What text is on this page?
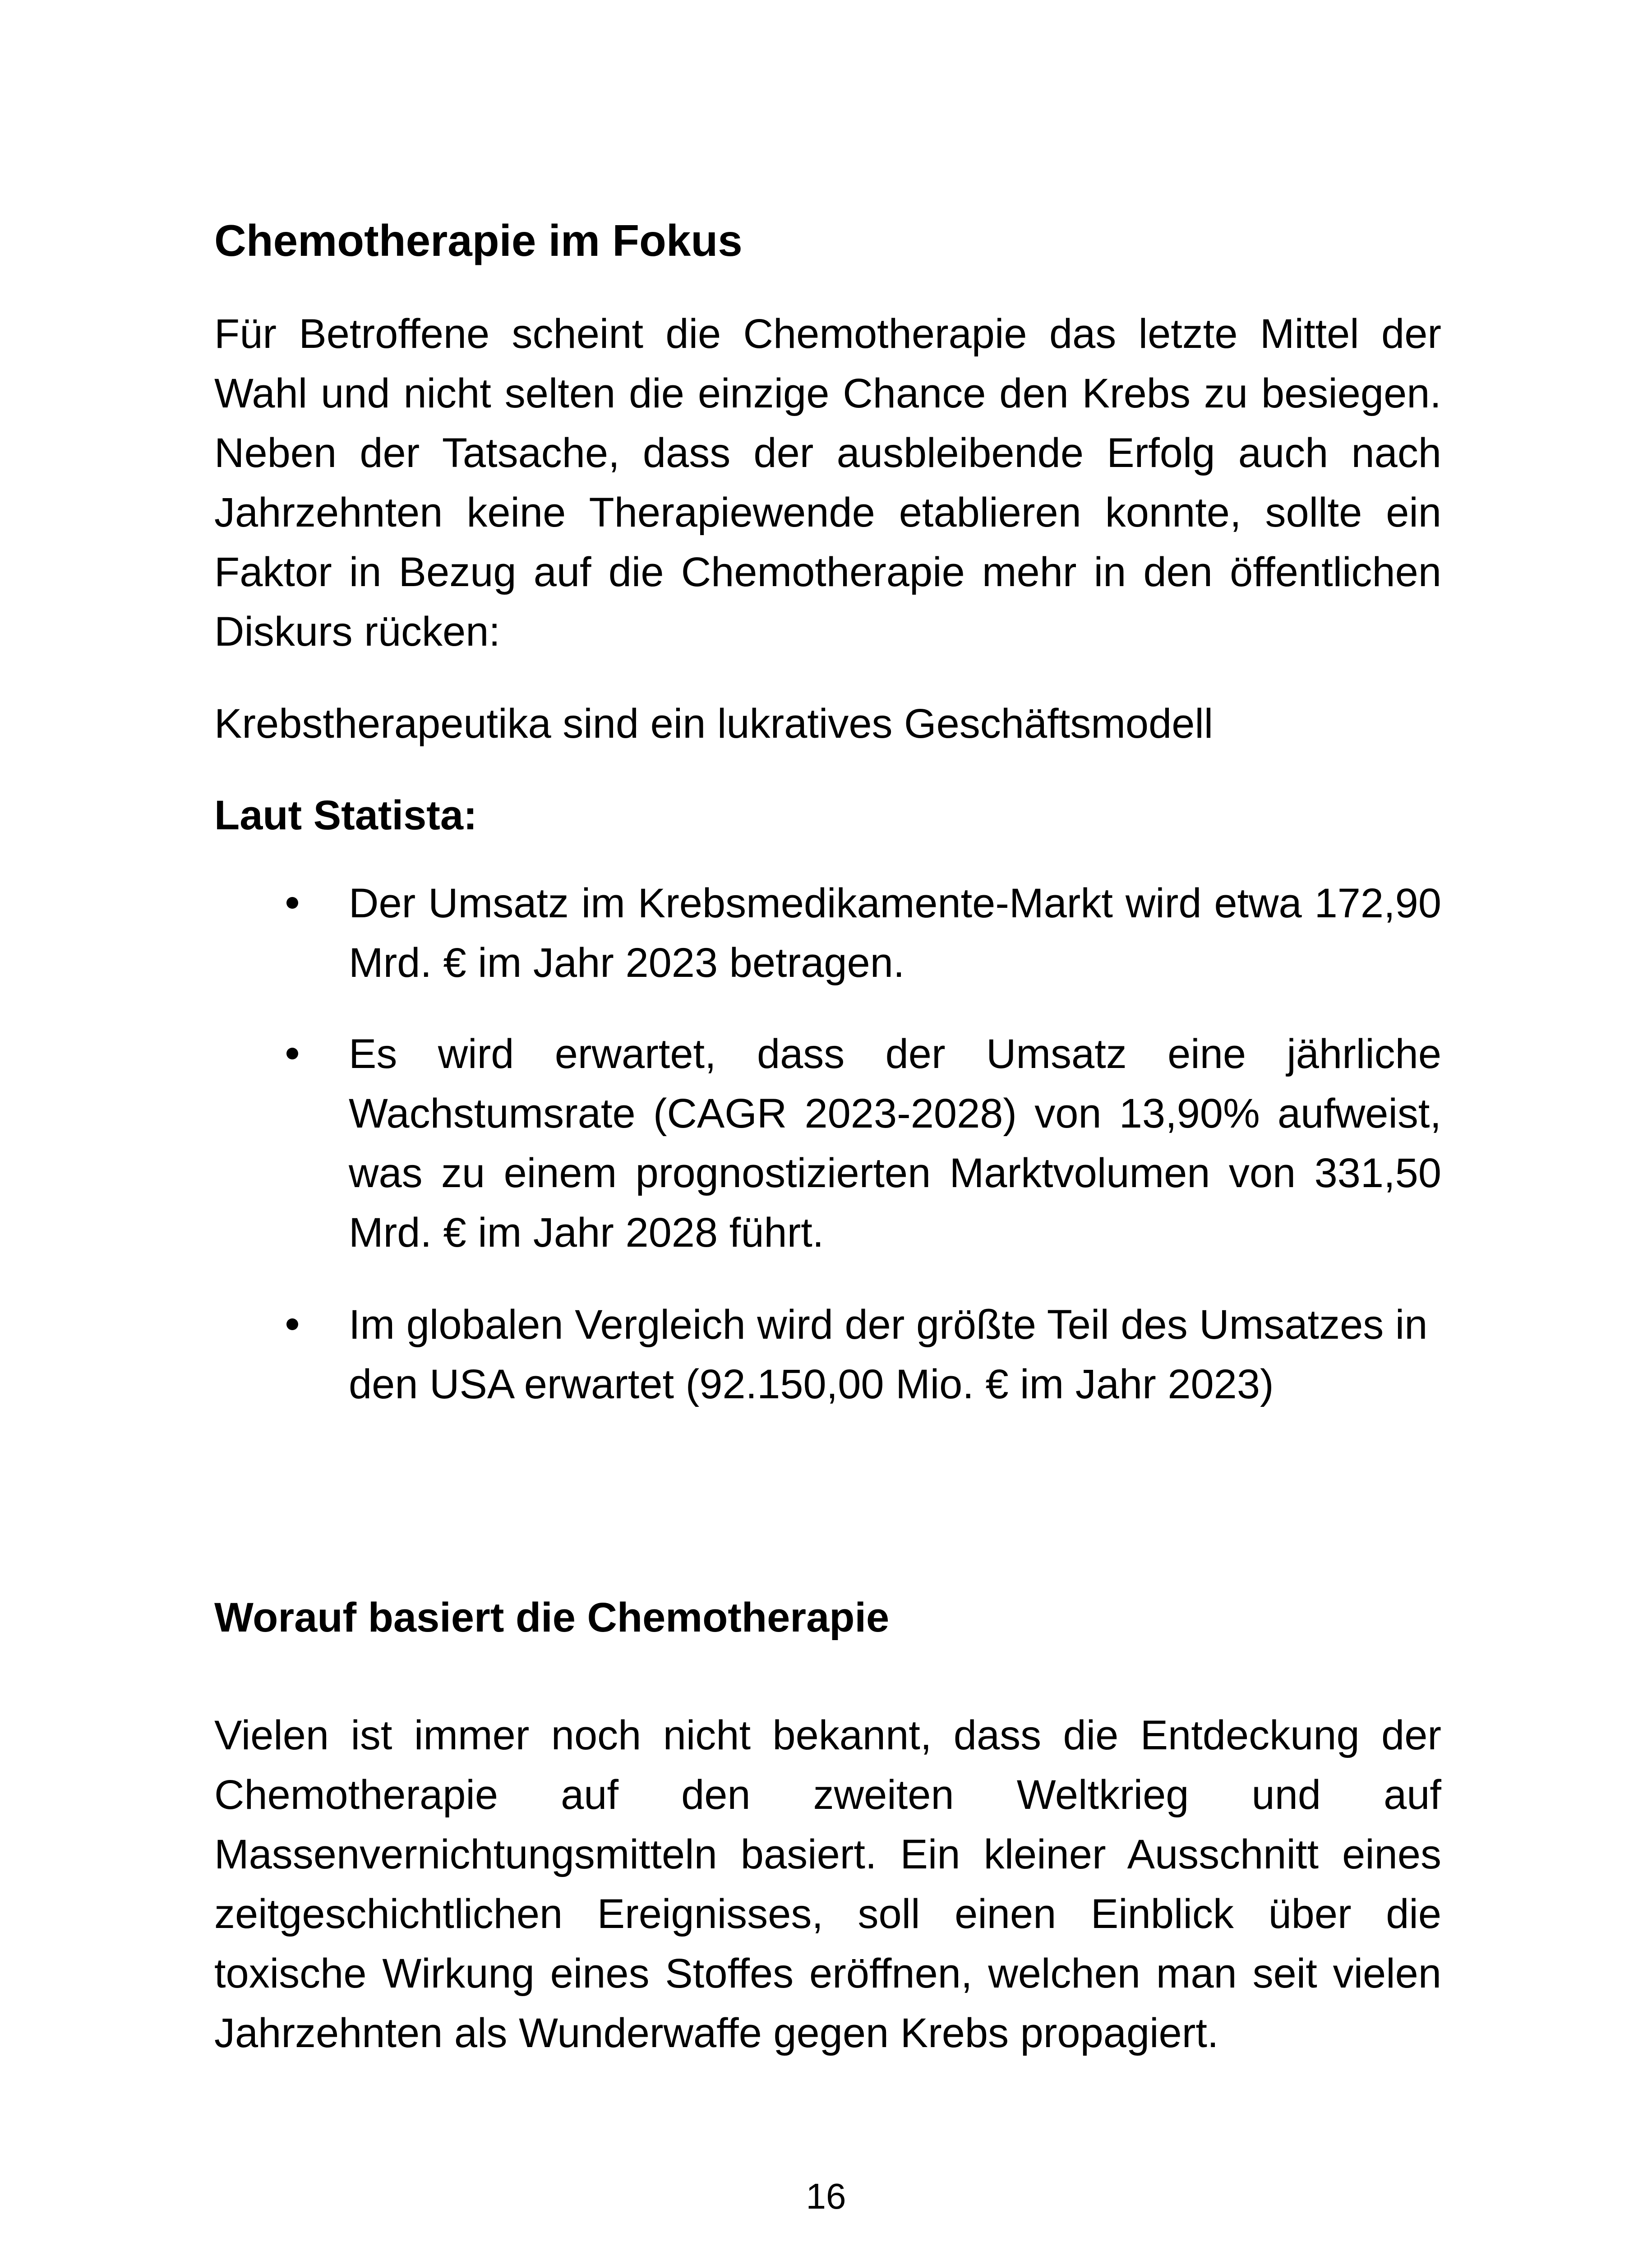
Chemotherapie im Fokus

Für Betroffene scheint die Chemotherapie das letzte Mittel der Wahl und nicht selten die einzige Chance den Krebs zu besiegen. Neben der Tatsache, dass der ausbleibende Erfolg auch nach Jahrzehnten keine Therapiewende etablieren konnte, sollte ein Faktor in Bezug auf die Chemotherapie mehr in den öffentlichen Diskurs rücken:

Krebstherapeutika sind ein lukratives Geschäftsmodell

Laut Statista:

Der Umsatz im Krebsmedikamente-Markt wird etwa 172,90 Mrd. € im Jahr 2023 betragen.
Es wird erwartet, dass der Umsatz eine jährliche Wachstumsrate (CAGR 2023-2028) von 13,90% aufweist, was zu einem prognostizierten Marktvolumen von 331,50 Mrd. € im Jahr 2028 führt.
Im globalen Vergleich wird der größte Teil des Umsatzes in den USA erwartet (92.150,00 Mio. € im Jahr 2023)
Worauf basiert die Chemotherapie

Vielen ist immer noch nicht bekannt, dass die Entdeckung der Chemotherapie auf den zweiten Weltkrieg und auf Massenvernichtungsmitteln basiert. Ein kleiner Ausschnitt eines zeitgeschichtlichen Ereignisses, soll einen Einblick über die toxische Wirkung eines Stoffes eröffnen, welchen man seit vielen Jahrzehnten als Wunderwaffe gegen Krebs propagiert.

16
